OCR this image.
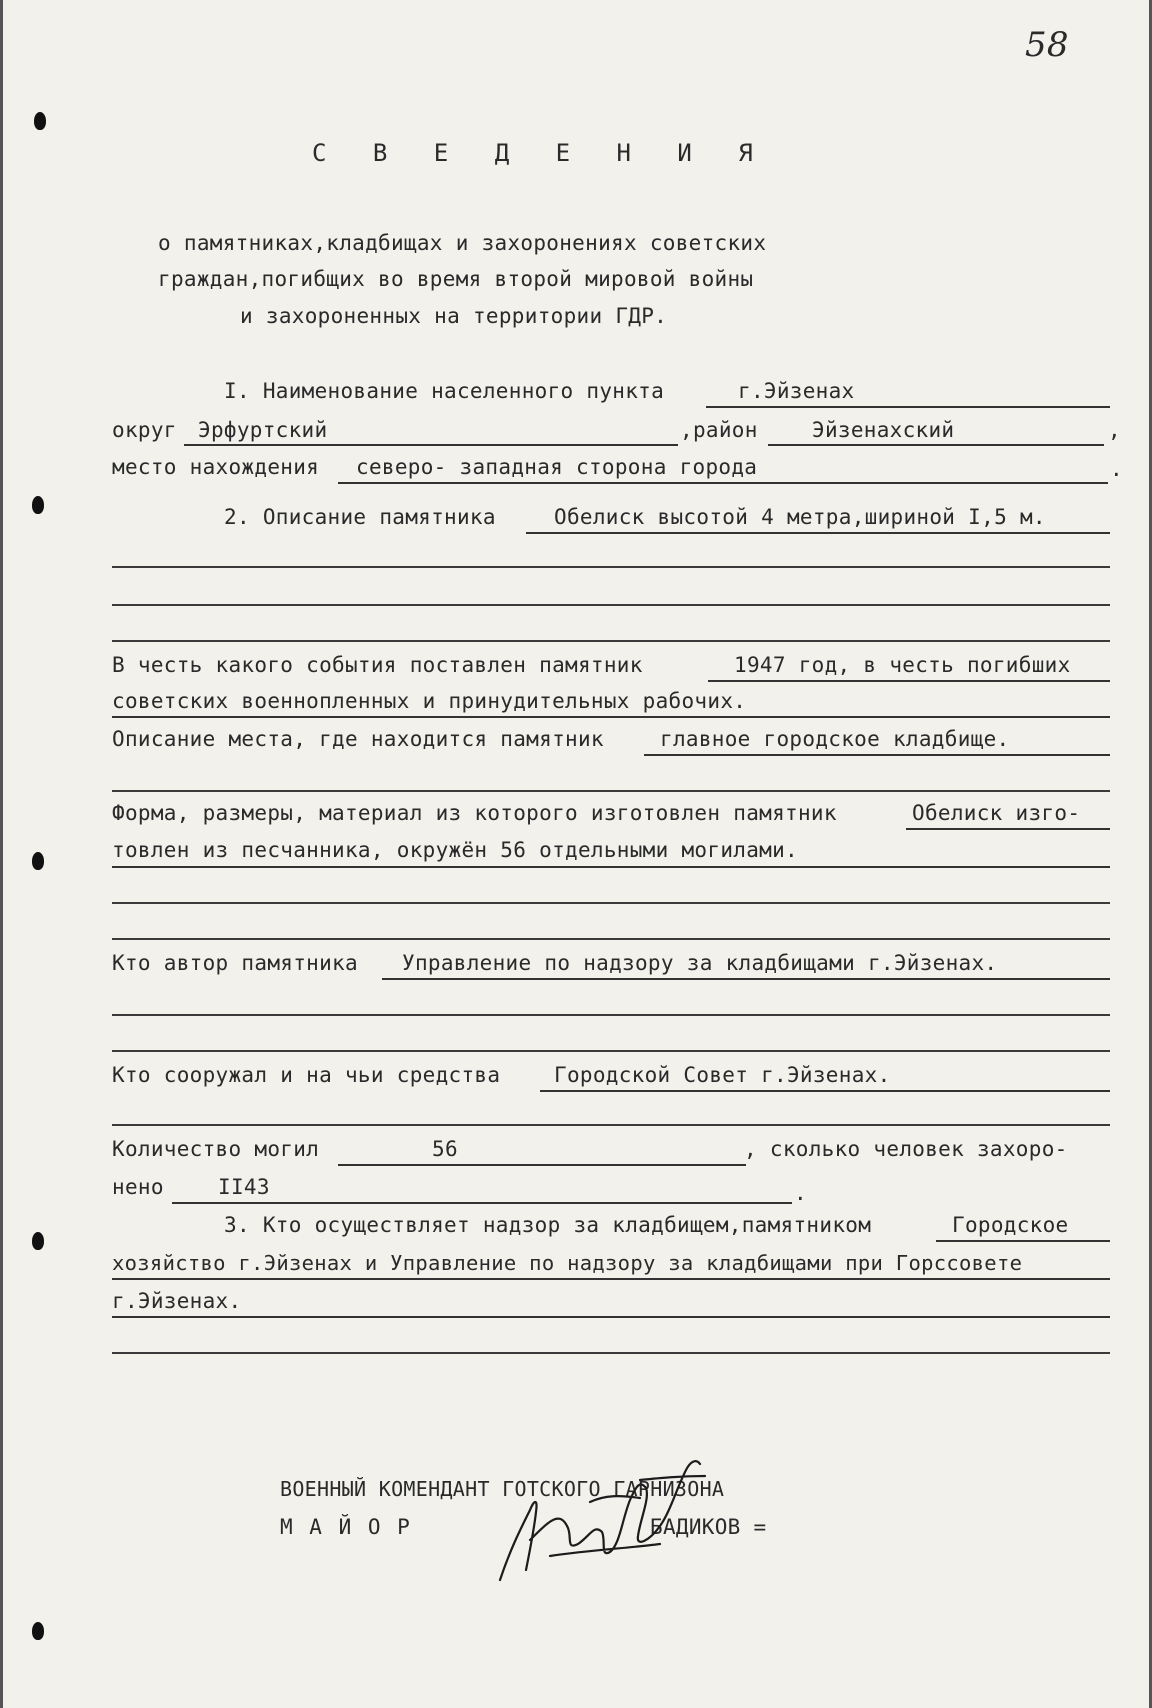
58
С В Е Д Е Н И Я
о памятниках,кладбищах и захоронениях советских
граждан,погибщих во время второй мировой войны
и захороненных на территории ГДР.
I. Наименование населенного пункта	г.Эйзенах
округ Эрфуртский	,район	Эйзенахский	,
место нахождения северо- западная сторона города	.
2. Описание памятника	Обелиск высотой 4 метра,шириной I,5 м.
В честь какого события поставлен памятник	1947 год, в честь погибших
советских военнопленных и принудительных рабочих.
Описание места, где находится памятник	главное городское кладбище.
Форма, размеры, материал из которого изготовлен памятник	Обелиск изго-
товлен из песчанника, окружён 56 отдельными могилами.
Кто автор памятника Управление по надзору за кладбищами г.Эйзенах.
Кто сооружал и на чьи средства	Городской Совет г.Эйзенах.
Количество могил	56	, сколько человек захоро-
нено	II43	.
3. Кто осуществляет надзор за кладбищем,памятником	Городское
хозяйство г.Эйзенах и Управление по надзору за кладбищами при Горссовете
г.Эйзенах.
ВОЕННЫЙ КОМЕНДАНТ ГОТСКОГО ГАРНИЗОНА
М А Й О Р	БАДИКОВ =
